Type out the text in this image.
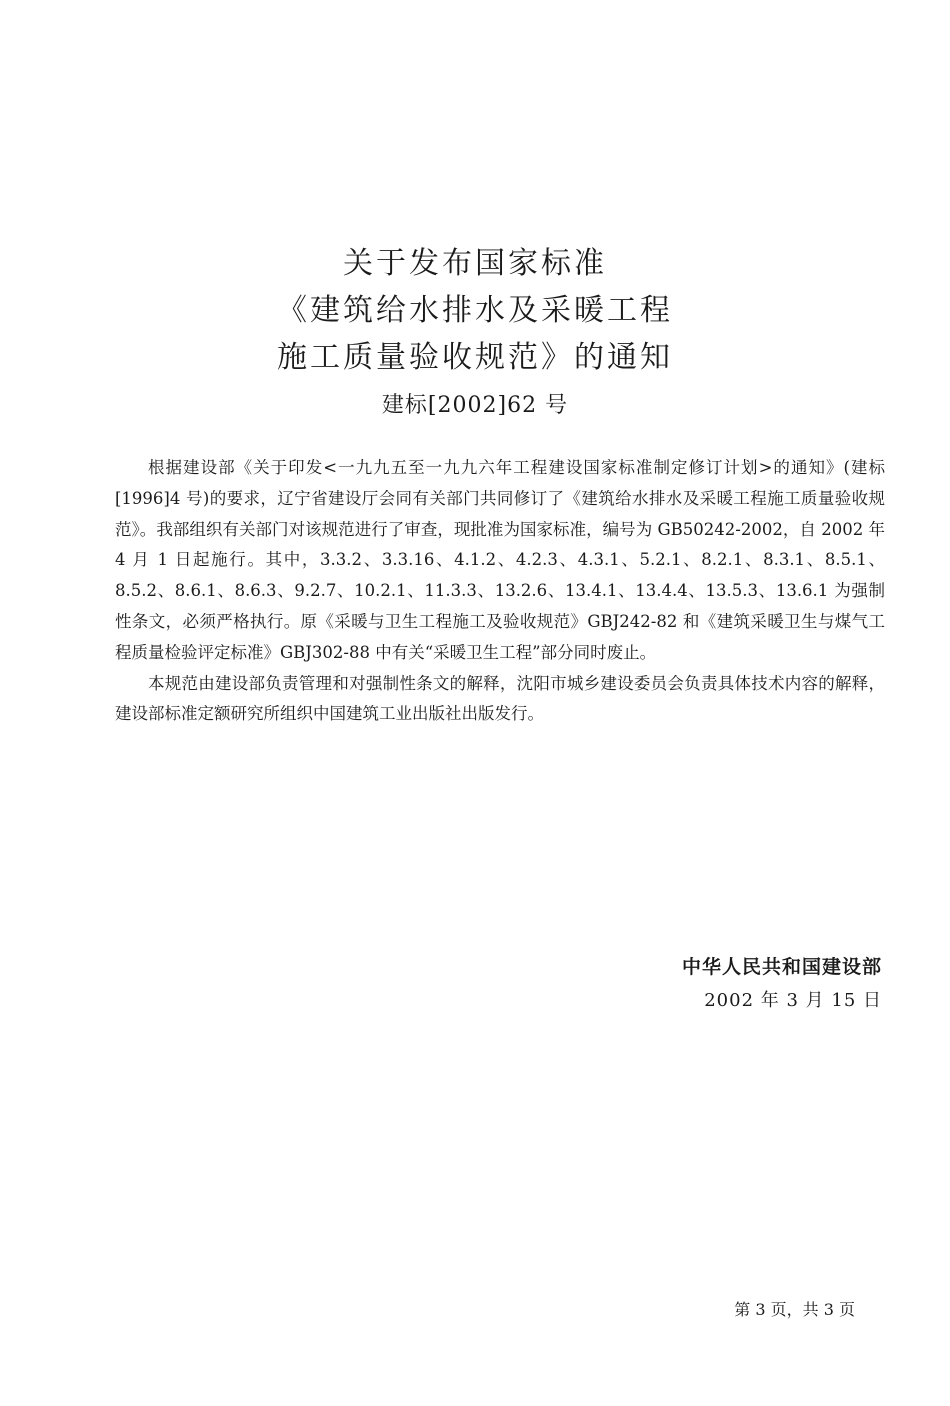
关于发布国家标准
《建筑给水排水及采暖工程
施工质量验收规范》的通知
建标[2002]62 号

根据建设部《关于印发<一九九五至一九九六年工程建设国家标准制定修订计划>的通知》(建标[1996]4 号)的要求，辽宁省建设厅会同有关部门共同修订了《建筑给水排水及采暖工程施工质量验收规范》。我部组织有关部门对该规范进行了审查，现批准为国家标准，编号为 GB50242-2002，自 2002 年 4 月 1 日起施行。其中，3.3.2、3.3.16、4.1.2、4.2.3、4.3.1、5.2.1、8.2.1、8.3.1、8.5.1、8.5.2、8.6.1、8.6.3、9.2.7、10.2.1、11.3.3、13.2.6、13.4.1、13.4.4、13.5.3、13.6.1 为强制性条文，必须严格执行。原《采暖与卫生工程施工及验收规范》GBJ242-82 和《建筑采暖卫生与煤气工程质量检验评定标准》GBJ302-88 中有关“采暖卫生工程”部分同时废止。

本规范由建设部负责管理和对强制性条文的解释，沈阳市城乡建设委员会负责具体技术内容的解释，建设部标准定额研究所组织中国建筑工业出版社出版发行。

中华人民共和国建设部
2002 年 3 月 15 日
第 3 页，共 3 页
